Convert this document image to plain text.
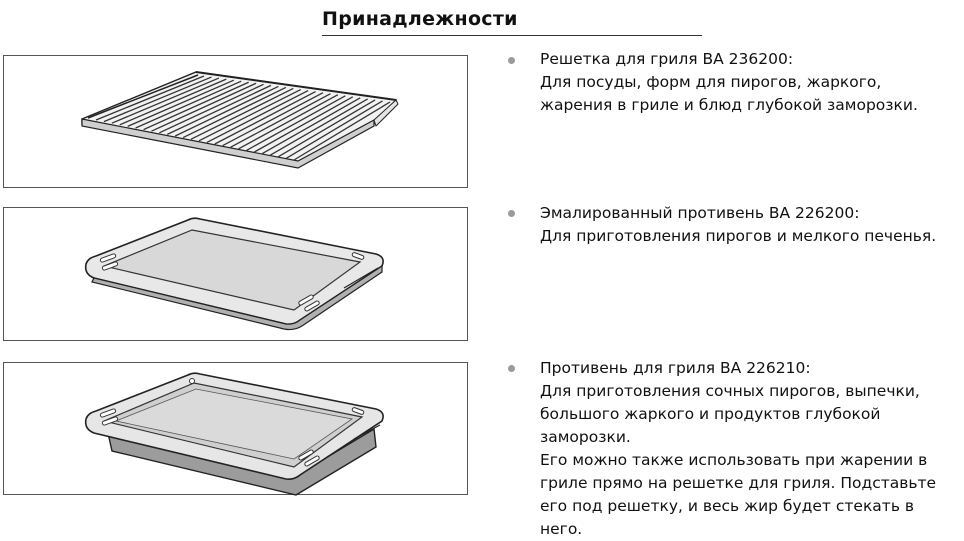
Принадлежности
Решетка для гриля BA 236200:
Для посуды, форм для пирогов, жаркого,
жарения в гриле и блюд глубокой заморозки.
Эмалированный противень BA 226200:
Для приготовления пирогов и мелкого печенья.
Противень для гриля BA 226210:
Для приготовления сочных пирогов, выпечки,
большого жаркого и продуктов глубокой
заморозки.
Его можно также использовать при жарении в
гриле прямо на решетке для гриля. Подставьте
его под решетку, и весь жир будет стекать в
него.
